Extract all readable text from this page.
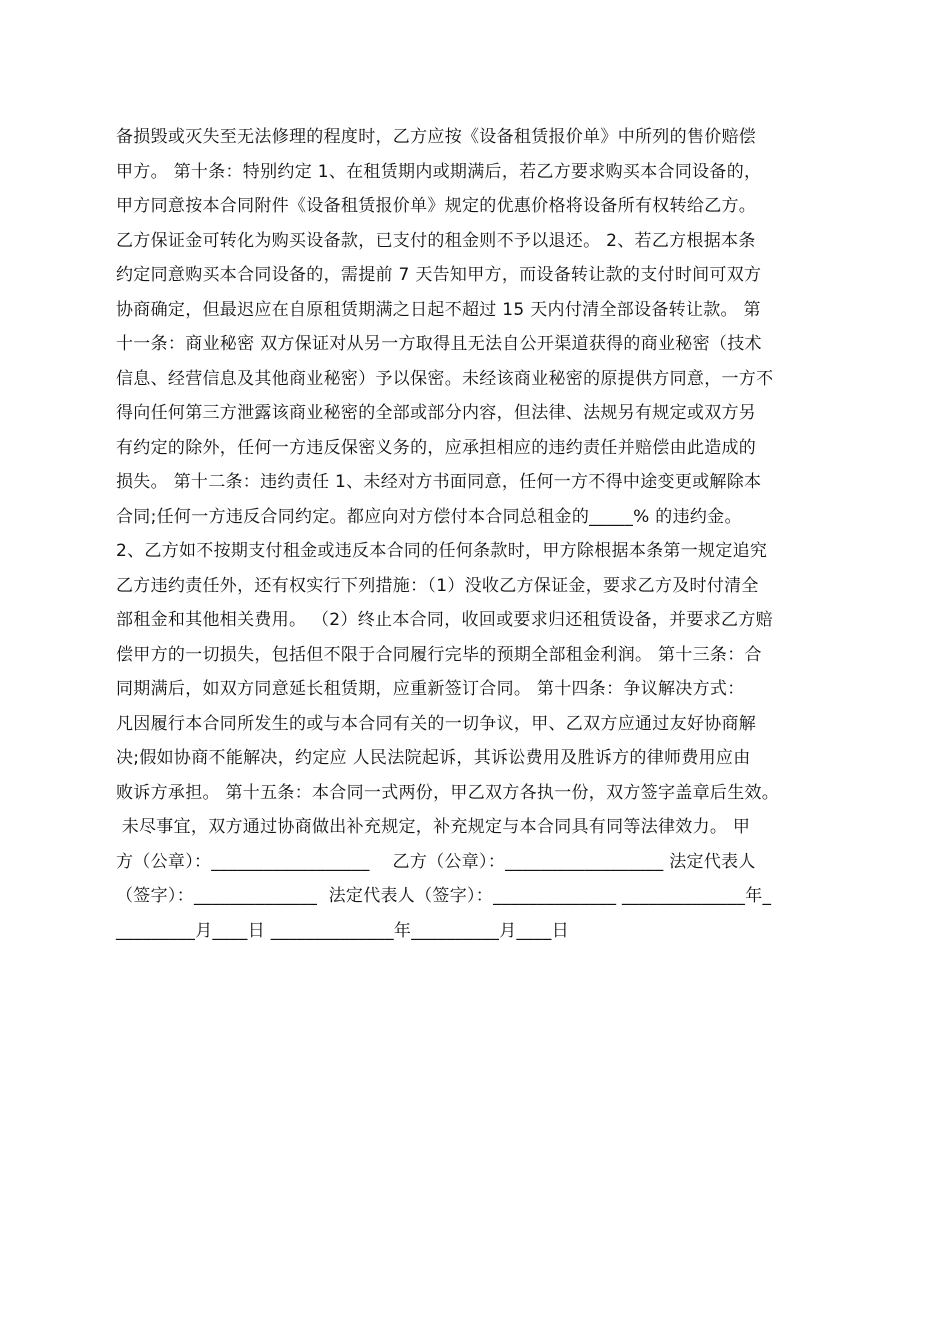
备损毁或灭失至无法修理的程度时，乙方应按《设备租赁报价单》中所列的售价赔偿
甲方。 第十条：特别约定 1、在租赁期内或期满后，若乙方要求购买本合同设备的，
甲方同意按本合同附件《设备租赁报价单》规定的优惠价格将设备所有权转给乙方。
乙方保证金可转化为购买设备款，已支付的租金则不予以退还。 2、若乙方根据本条
约定同意购买本合同设备的，需提前 7 天告知甲方，而设备转让款的支付时间可双方
协商确定，但最迟应在自原租赁期满之日起不超过 15 天内付清全部设备转让款。 第
十一条：商业秘密 双方保证对从另一方取得且无法自公开渠道获得的商业秘密（技术
信息、经营信息及其他商业秘密）予以保密。未经该商业秘密的原提供方同意，一方不
得向任何第三方泄露该商业秘密的全部或部分内容，但法律、法规另有规定或双方另
有约定的除外，任何一方违反保密义务的，应承担相应的违约责任并赔偿由此造成的
损失。 第十二条：违约责任 1、未经对方书面同意，任何一方不得中途变更或解除本
合同;任何一方违反合同约定。都应向对方偿付本合同总租金的_____% 的违约金。
2、乙方如不按期支付租金或违反本合同的任何条款时，甲方除根据本条第一规定追究
乙方违约责任外，还有权实行下列措施：（1）没收乙方保证金，要求乙方及时付清全
部租金和其他相关费用。 （2）终止本合同，收回或要求归还租赁设备，并要求乙方赔
偿甲方的一切损失，包括但不限于合同履行完毕的预期全部租金利润。 第十三条：合
同期满后，如双方同意延长租赁期，应重新签订合同。 第十四条：争议解决方式：
凡因履行本合同所发生的或与本合同有关的一切争议，甲、乙双方应通过友好协商解
决;假如协商不能解决，约定应 人民法院起诉，其诉讼费用及胜诉方的律师费用应由
败诉方承担。 第十五条：本合同一式两份，甲乙双方各执一份，双方签字盖章后生效。
未尽事宜，双方通过协商做出补充规定，补充规定与本合同具有同等法律效力。 甲
方（公章）：__________________    乙方（公章）：__________________ 法定代表人
（签字）：______________  法定代表人（签字）：______________ ______________年_
_________月____日 ______________年__________月____日
